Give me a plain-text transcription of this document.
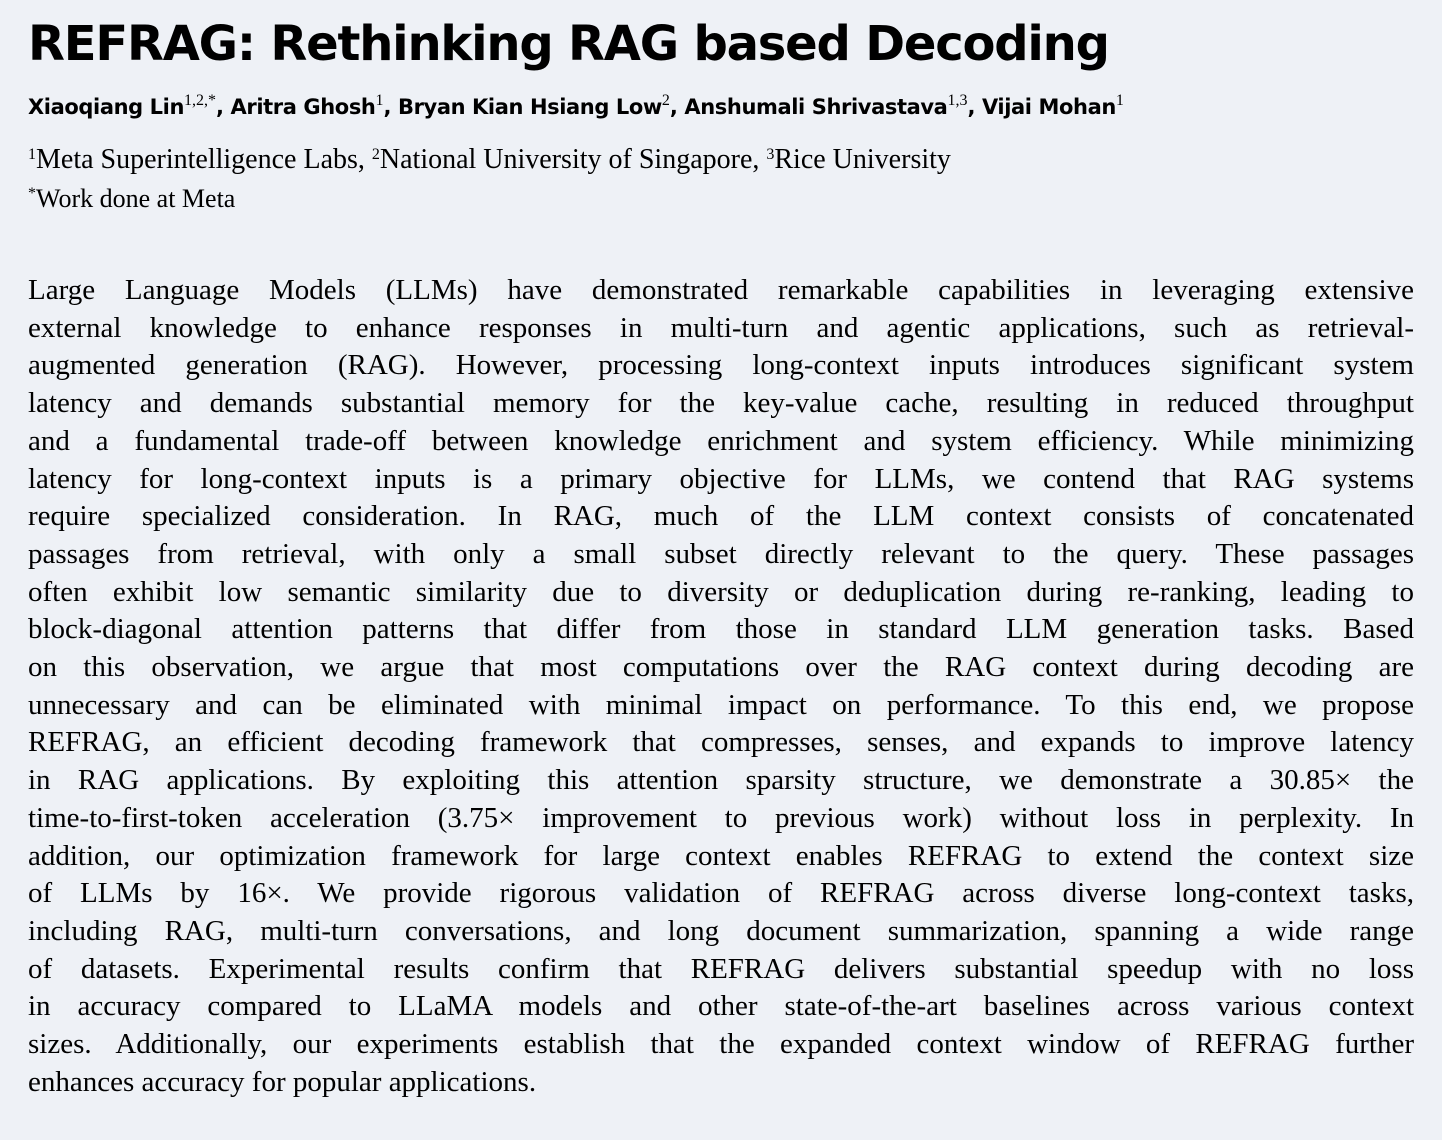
REFRAG: Rethinking RAG based Decoding
Xiaoqiang Lin$^{1,2,*}$, Aritra Ghosh$^1$, Bryan Kian Hsiang Low$^2$, Anshumali Shrivastava$^{1,3}$, Vijai Mohan$^1$
$^1$Meta Superintelligence Labs, $^2$National University of Singapore, $^3$Rice University
*Work done at Meta
Large Language Models (LLMs) have demonstrated remarkable capabilities in leveraging extensive
external knowledge to enhance responses in multi-turn and agentic applications, such as retrieval-
augmented generation (RAG). However, processing long-context inputs introduces significant system
latency and demands substantial memory for the key-value cache, resulting in reduced throughput
and a fundamental trade-off between knowledge enrichment and system efficiency. While minimizing
latency for long-context inputs is a primary objective for LLMs, we contend that RAG systems
require specialized consideration. In RAG, much of the LLM context consists of concatenated
passages from retrieval, with only a small subset directly relevant to the query. These passages
often exhibit low semantic similarity due to diversity or deduplication during re-ranking, leading to
block-diagonal attention patterns that differ from those in standard LLM generation tasks. Based
on this observation, we argue that most computations over the RAG context during decoding are
unnecessary and can be eliminated with minimal impact on performance. To this end, we propose
REFRAG, an efficient decoding framework that compresses, senses, and expands to improve latency
in RAG applications. By exploiting this attention sparsity structure, we demonstrate a 30.85× the
time-to-first-token acceleration (3.75× improvement to previous work) without loss in perplexity. In
addition, our optimization framework for large context enables REFRAG to extend the context size
of LLMs by 16×. We provide rigorous validation of REFRAG across diverse long-context tasks,
including RAG, multi-turn conversations, and long document summarization, spanning a wide range
of datasets. Experimental results confirm that REFRAG delivers substantial speedup with no loss
in accuracy compared to LLaMA models and other state-of-the-art baselines across various context
sizes. Additionally, our experiments establish that the expanded context window of REFRAG further
enhances accuracy for popular applications.
